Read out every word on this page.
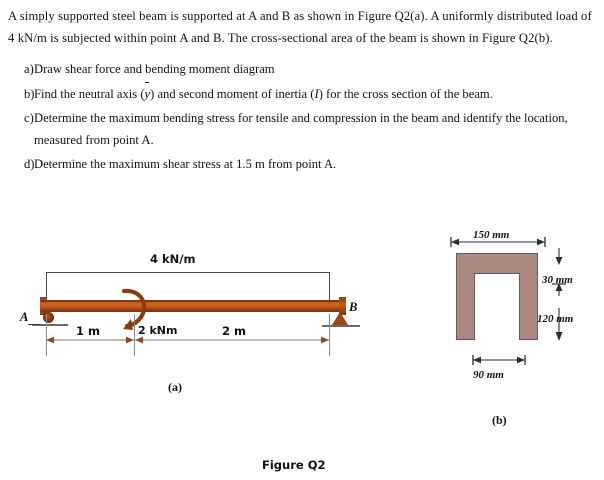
A simply supported steel beam is supported at A and B as shown in Figure Q2(a). A uniformly distributed load of 4 kN/m is subjected within point A and B. The cross-sectional area of the beam is shown in Figure Q2(b).

a) Draw shear force and bending moment diagram
b) Find the neutral axis (y) and second moment of inertia (I) for the cross section of the beam.
c) Determine the maximum bending stress for tensile and compression in the beam and identify the location, measured from point A.
d) Determine the maximum shear stress at 1.5 m from point A.
4 kN/m
A
B
2 kNm
1 m	2 m
(a)
150 mm
30 mm
120 mm
90 mm
(b)
Figure Q2
